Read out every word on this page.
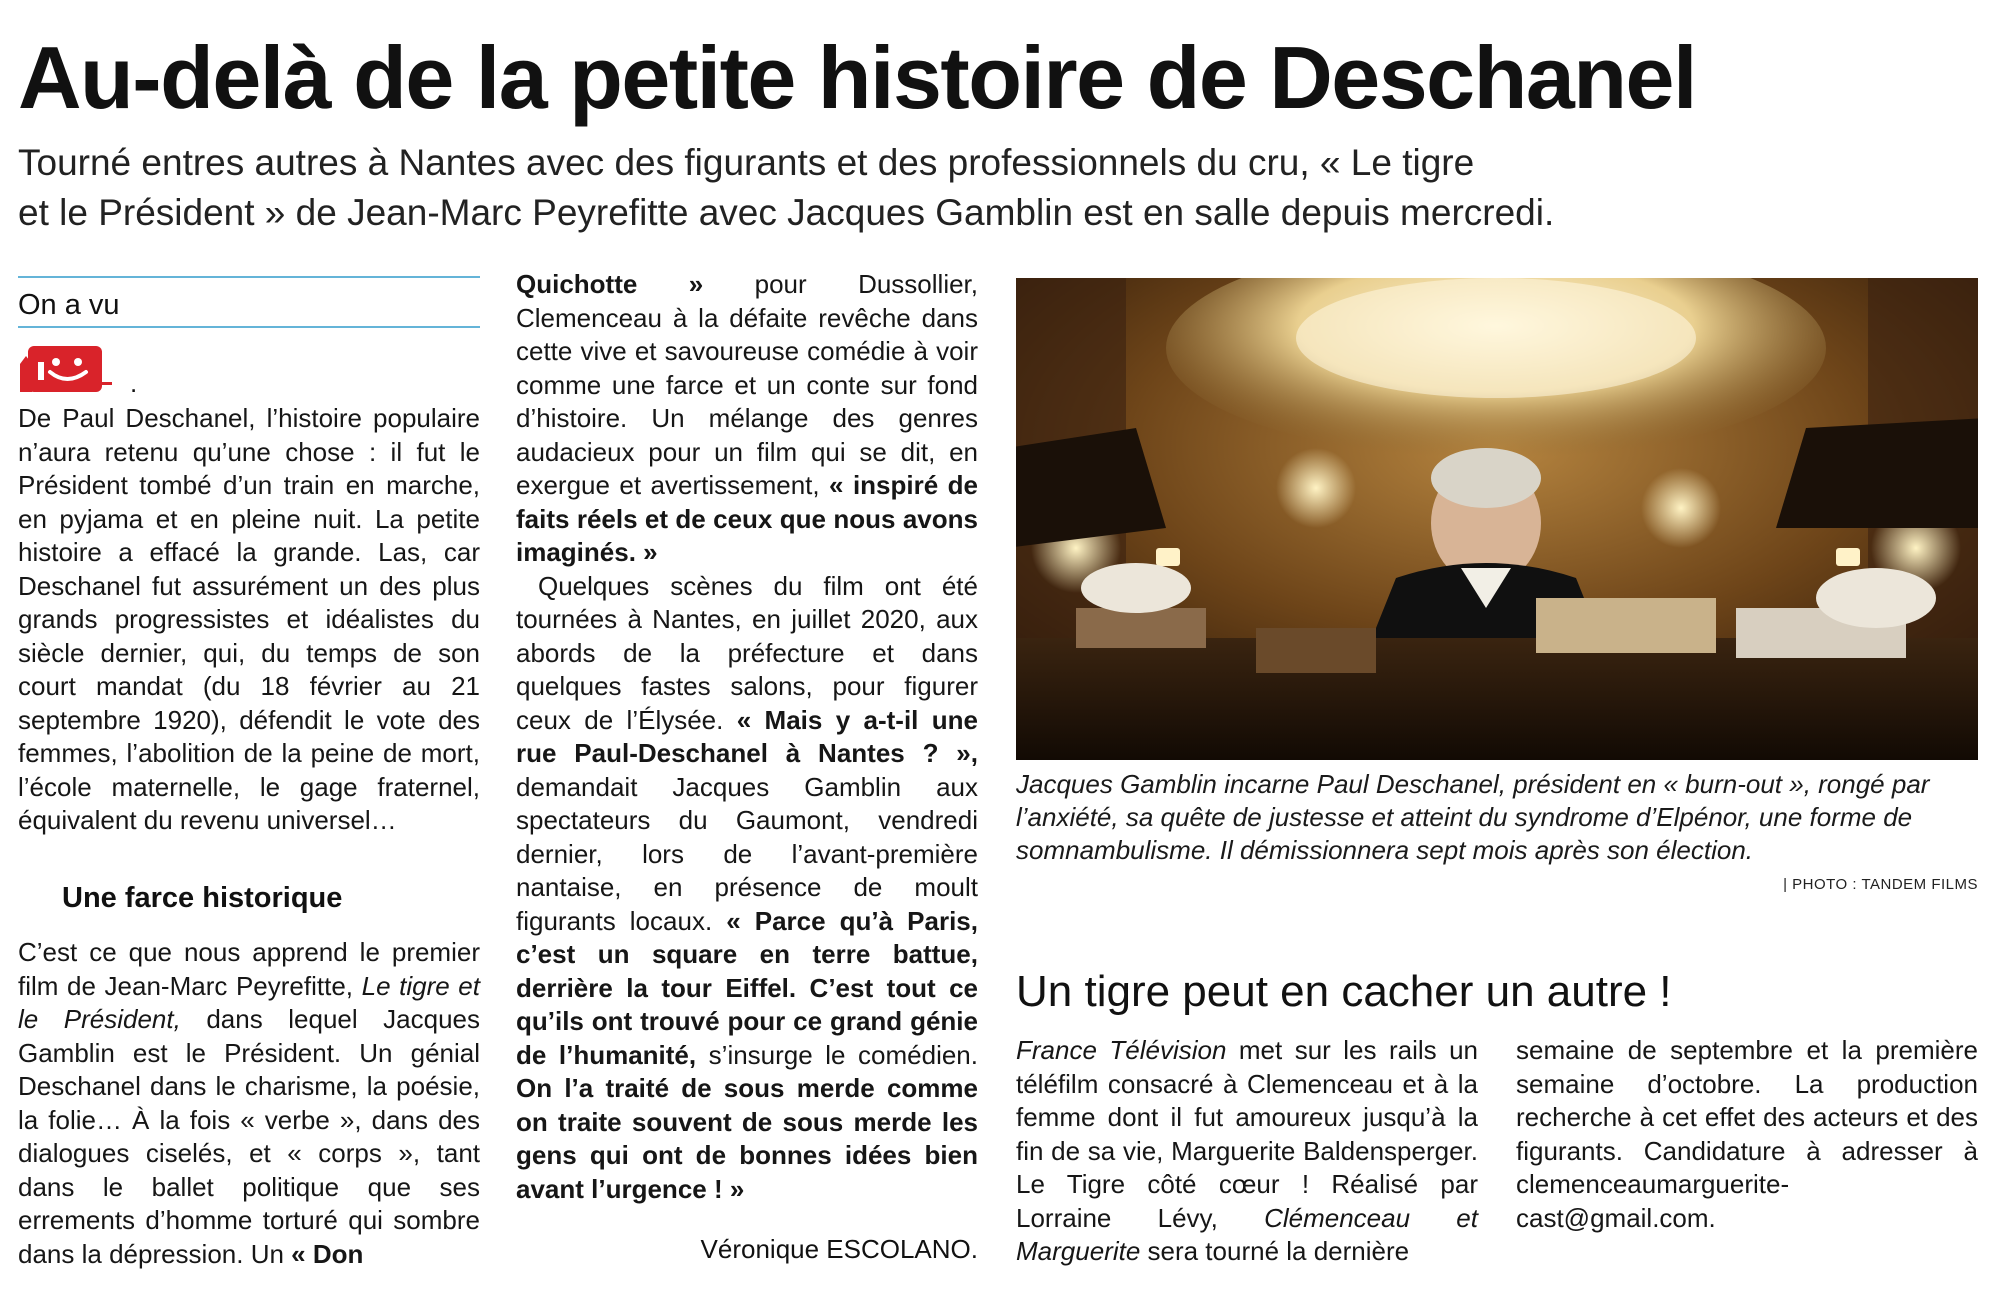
Au-delà de la petite histoire de Deschanel
Tourné entres autres à Nantes avec des figurants et des professionnels du cru, « Le tigre
et le Président » de Jean-Marc Peyrefitte avec Jacques Gamblin est en salle depuis mercredi.
On a vu
.

De Paul Deschanel, l’histoire populaire n’aura retenu qu’une chose : il fut le Président tombé d’un train en marche, en pyjama et en pleine nuit. La petite histoire a effacé la grande. Las, car Deschanel fut assurément un des plus grands progressistes et idéalistes du siècle dernier, qui, du temps de son court mandat (du 18 février au 21 septembre 1920), défendit le vote des femmes, l’abolition de la peine de mort, l’école maternelle, le gage fraternel, équivalent du revenu universel…

Une farce historique

C’est ce que nous apprend le premier film de Jean-Marc Peyrefitte, Le tigre et le Président, dans lequel Jacques Gamblin est le Président. Un génial Deschanel dans le charisme, la poésie, la folie… À la fois « verbe », dans des dialogues ciselés, et « corps », tant dans le ballet politique que ses errements d’homme torturé qui sombre dans la dépression. Un « Don

Quichotte » pour Dussollier, Clemenceau à la défaite revêche dans cette vive et savoureuse comédie à voir comme une farce et un conte sur fond d’histoire. Un mélange des genres audacieux pour un film qui se dit, en exergue et avertissement, « inspiré de faits réels et de ceux que nous avons imaginés. »

Quelques scènes du film ont été tournées à Nantes, en juillet 2020, aux abords de la préfecture et dans quelques fastes salons, pour figurer ceux de l’Élysée. « Mais y a-t-il une rue Paul-Deschanel à Nantes ? », demandait Jacques Gamblin aux spectateurs du Gaumont, vendredi dernier, lors de l’avant-première nantaise, en présence de moult figurants locaux. « Parce qu’à Paris, c’est un square en terre battue, derrière la tour Eiffel. C’est tout ce qu’ils ont trouvé pour ce grand génie de l’humanité, s’insurge le comédien. On l’a traité de sous merde comme on traite souvent de sous merde les gens qui ont de bonnes idées bien avant l’urgence ! »

Véronique ESCOLANO.
Jacques Gamblin incarne Paul Deschanel, président en « burn-out », rongé par l’anxiété, sa quête de justesse et atteint du syndrome d’Elpénor, une forme de somnambulisme. Il démissionnera sept mois après son élection.
| PHOTO : TANDEM FILMS
Un tigre peut en cacher un autre !

France Télévision met sur les rails un téléfilm consacré à Clemenceau et à la femme dont il fut amoureux jusqu’à la fin de sa vie, Marguerite Baldensperger. Le Tigre côté cœur ! Réalisé par Lorraine Lévy, Clémenceau et Marguerite sera tourné la dernière

semaine de septembre et la première semaine d’octobre. La production recherche à cet effet des acteurs et des figurants. Candidature à adresser à clemenceaumarguerite-cast@gmail.com.
